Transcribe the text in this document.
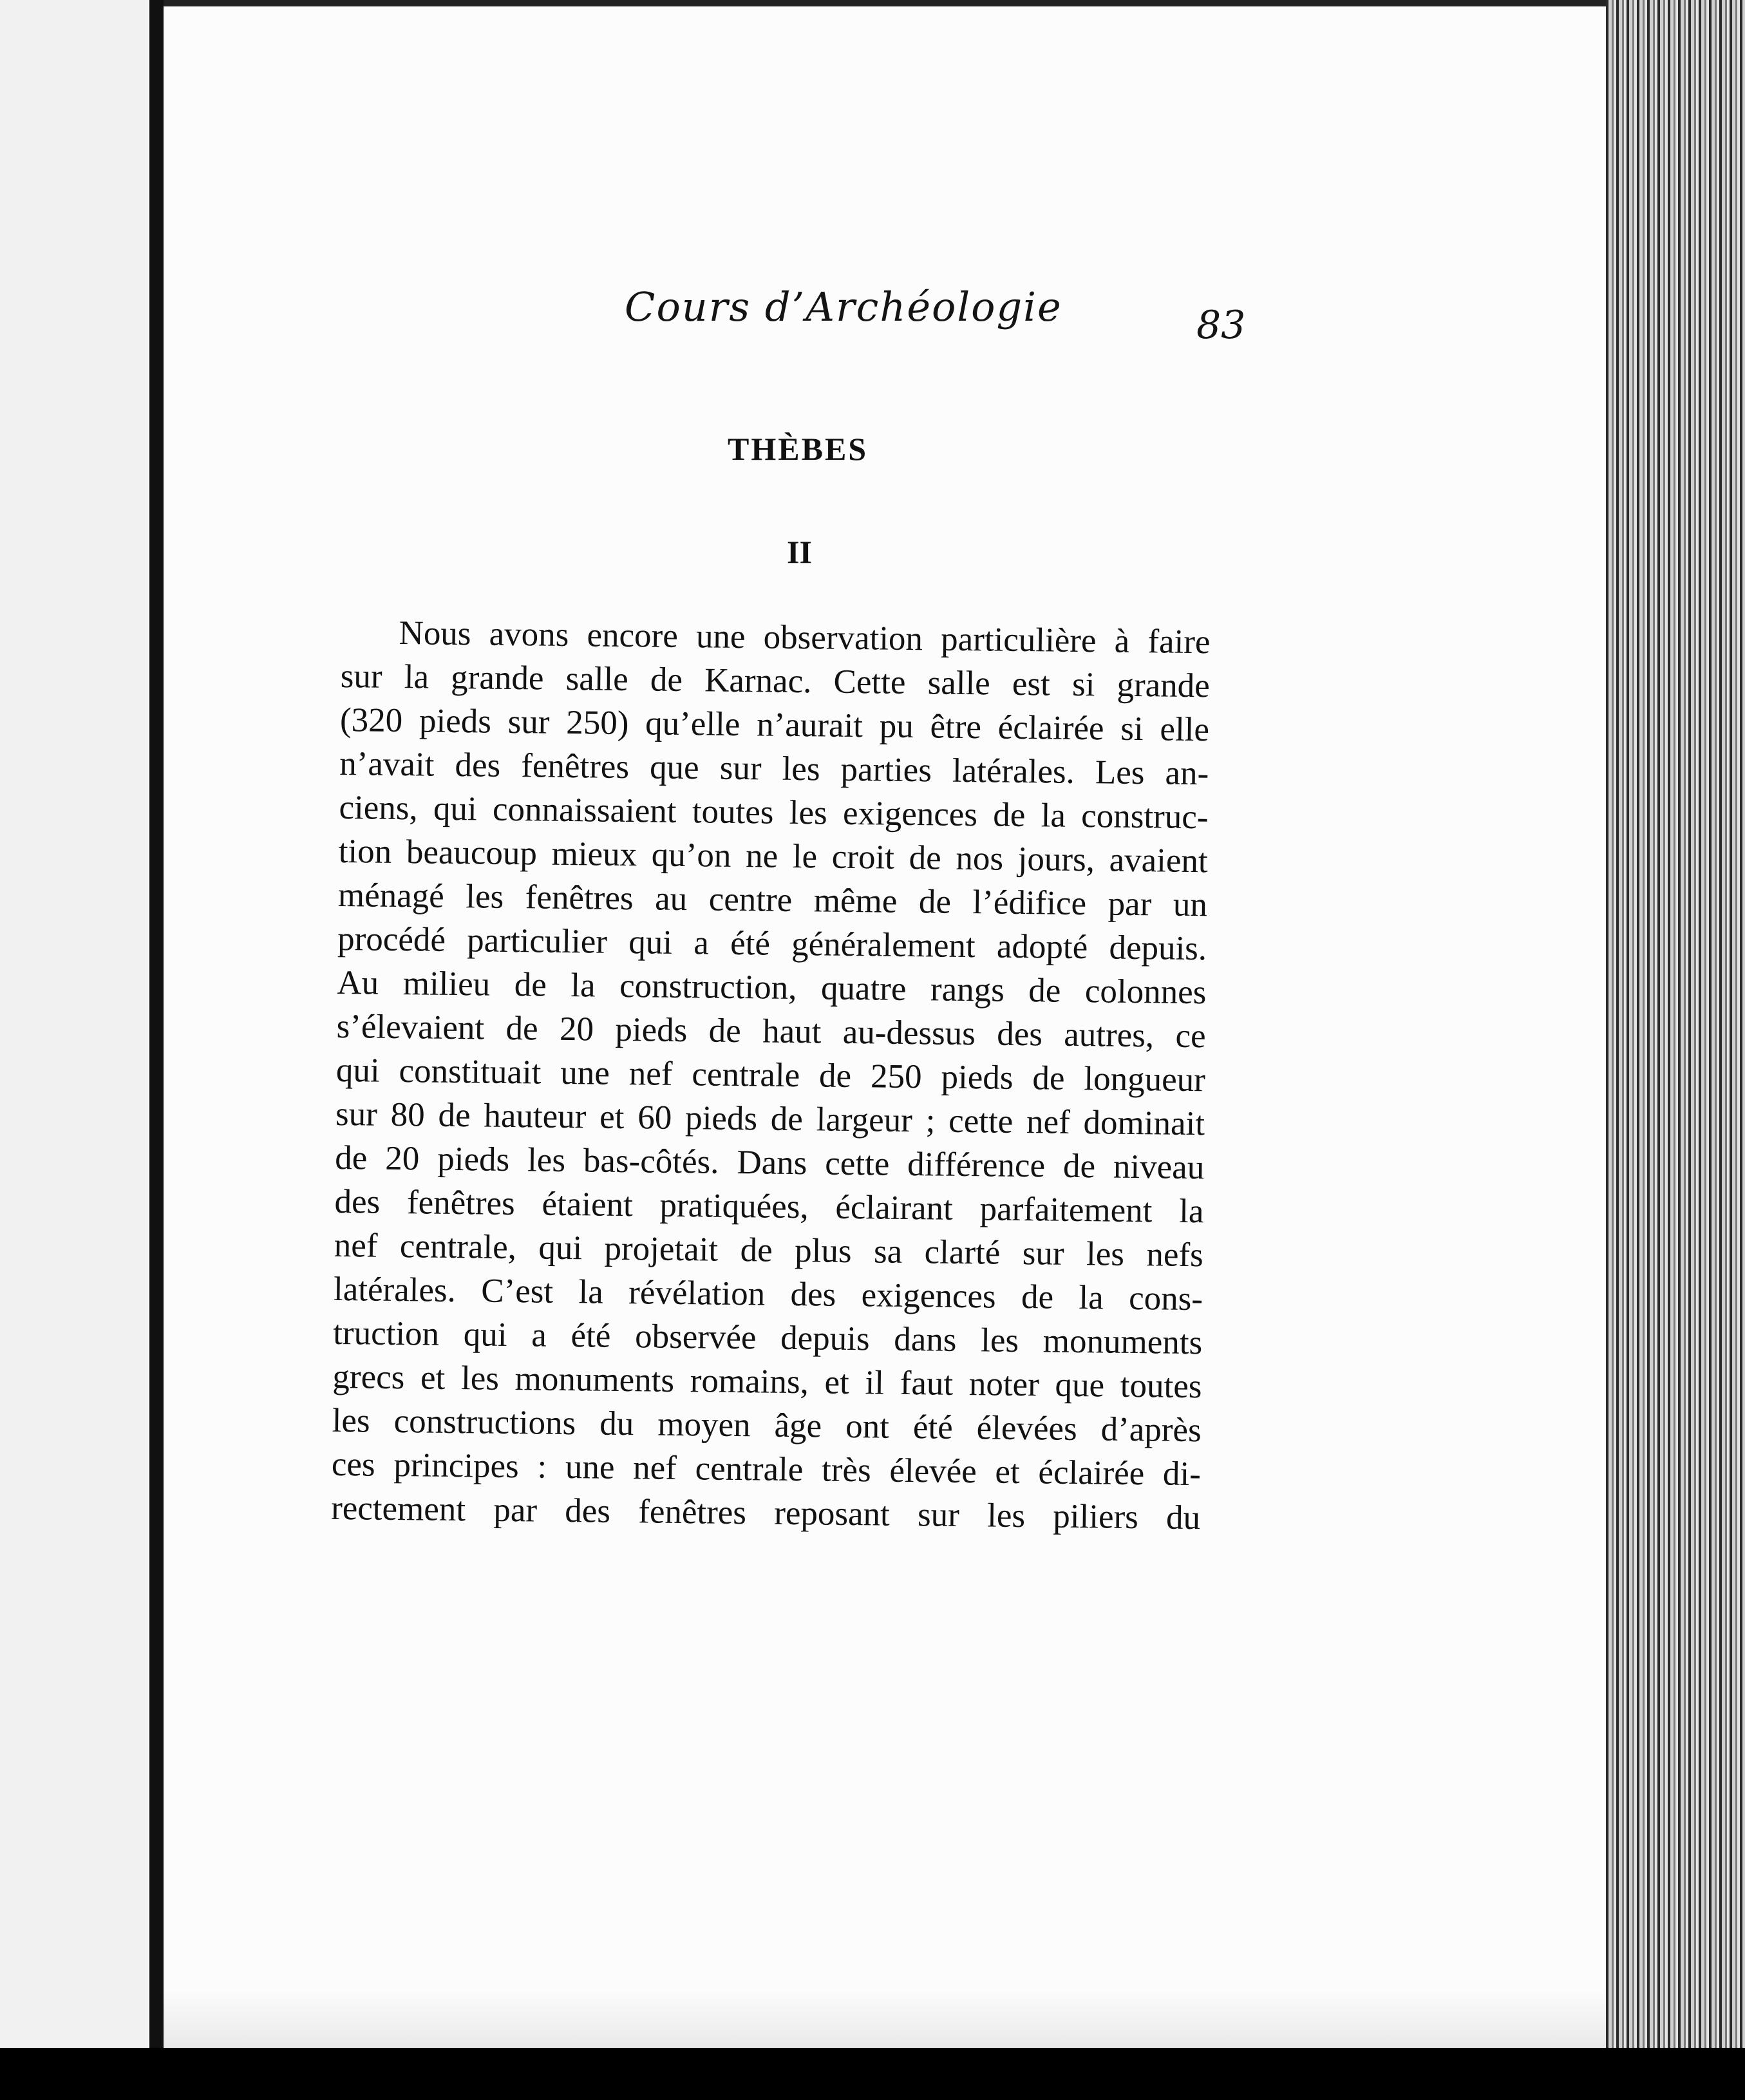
Cours d’Archéologie	83
THÈBES
II
Nous avons encore une observation particulière à faire
sur la grande salle de Karnac. Cette salle est si grande
(320 pieds sur 250) qu’elle n’aurait pu être éclairée si elle
n’avait des fenêtres que sur les parties latérales. Les an-
ciens, qui connaissaient toutes les exigences de la construc-
tion beaucoup mieux qu’on ne le croit de nos jours, avaient
ménagé les fenêtres au centre même de l’édifice par un
procédé particulier qui a été généralement adopté depuis.
Au milieu de la construction, quatre rangs de colonnes
s’élevaient de 20 pieds de haut au-dessus des autres, ce
qui constituait une nef centrale de 250 pieds de longueur
sur 80 de hauteur et 60 pieds de largeur ; cette nef dominait
de 20 pieds les bas-côtés. Dans cette différence de niveau
des fenêtres étaient pratiquées, éclairant parfaitement la
nef centrale, qui projetait de plus sa clarté sur les nefs
latérales. C’est la révélation des exigences de la cons-
truction qui a été observée depuis dans les monuments
grecs et les monuments romains, et il faut noter que toutes
les constructions du moyen âge ont été élevées d’après
ces principes : une nef centrale très élevée et éclairée di-
rectement par des fenêtres reposant sur les piliers du
